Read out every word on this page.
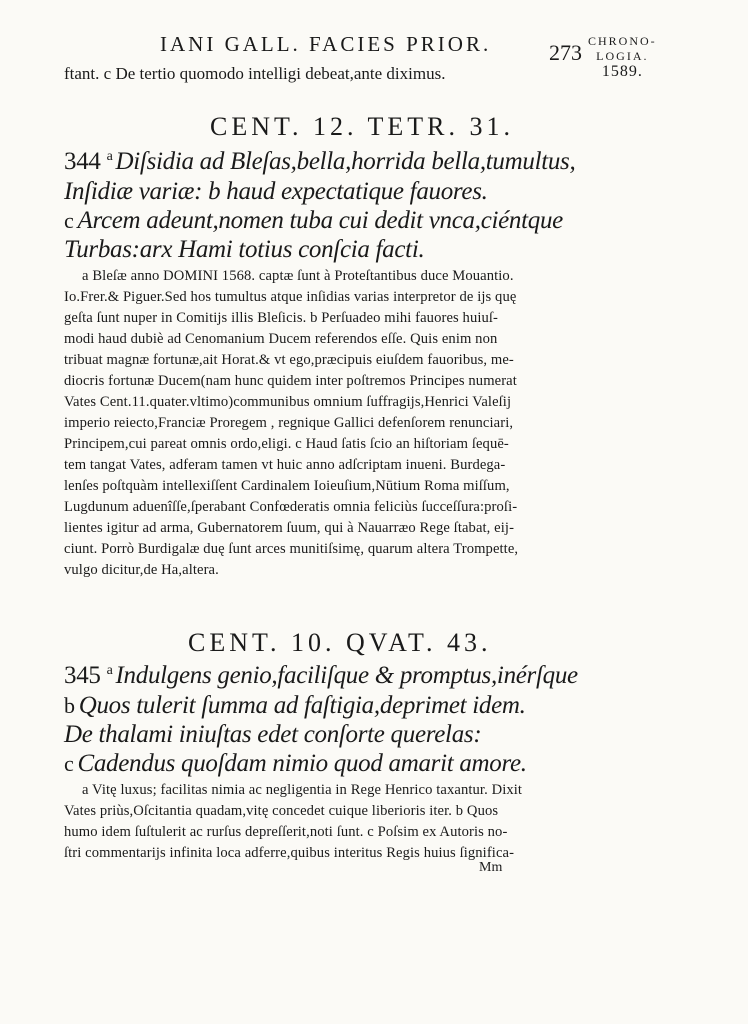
IANI GALL. FACIES PRIOR.	273 CHRONO-
LOGIA.
1589.
ftant. c De tertio quomodo intelligi debeat,ante diximus.
CENT. 12. TETR. 31.
344 $^a$ Diſsidia ad Bleſas,bella,horrida bella,tumultus,
Inſidiæ variæ: b haud expectatique fauores.
c Arcem adeunt,nomen tuba cui dedit vnca,ciéntque
Turbas:arx Hami totius conſcia facti.
a Bleſæ anno DOMINI 1568. captæ ſunt à Proteſtantibus duce Mouantio.
Io.Frer.& Piguer.Sed hos tumultus atque inſidias varias interpretor de ijs quę
geſta ſunt nuper in Comitijs illis Bleſicis. b Perſuadeo mihi fauores huiuſ-
modi haud dubiè ad Cenomanium Ducem referendos eſſe. Quis enim non
tribuat magnæ fortunæ,ait Horat.& vt ego,præcipuis eiuſdem fauoribus, me-
diocris fortunæ Ducem(nam hunc quidem inter poſtremos Principes numerat
Vates Cent.11.quater.vltimo)communibus omnium ſuffragijs,Henrici Valeſij
imperio reiecto,Franciæ Proregem , regnique Gallici defenſorem renunciari,
Principem,cui pareat omnis ordo,eligi. c Haud ſatis ſcio an hiſtoriam ſequē-
tem tangat Vates, adferam tamen vt huic anno adſcriptam inueni. Burdega-
lenſes poſtquàm intellexiſſent Cardinalem Ioieuſium,Nūtium Roma miſſum,
Lugdunum aduenîſſe,ſperabant Confœderatis omnia feliciùs ſucceſſura:proſi-
lientes igitur ad arma, Gubernatorem ſuum, qui à Nauarræo Rege ſtabat, eij-
ciunt. Porrò Burdigalæ duę ſunt arces munitiſsimę, quarum altera Trompette,
vulgo dicitur,de Ha,altera.
CENT. 10. QVAT. 43.
345 $^a$ Indulgens genio,faciliſque & promptus,inérſque
b Quos tulerit ſumma ad faſtigia,deprimet idem.
De thalami iniuſtas edet conſorte querelas:
c Cadendus quoſdam nimio quod amarit amore.
a Vitę luxus; facilitas nimia ac negligentia in Rege Henrico taxantur. Dixit
Vates priùs,Oſcitantia quadam,vitę concedet cuique liberioris iter. b Quos
humo idem ſuſtulerit ac rurſus depreſſerit,noti ſunt. c Poſsim ex Autoris no-
ſtri commentarijs infinita loca adferre,quibus interitus Regis huius ſignifica-
Mm
